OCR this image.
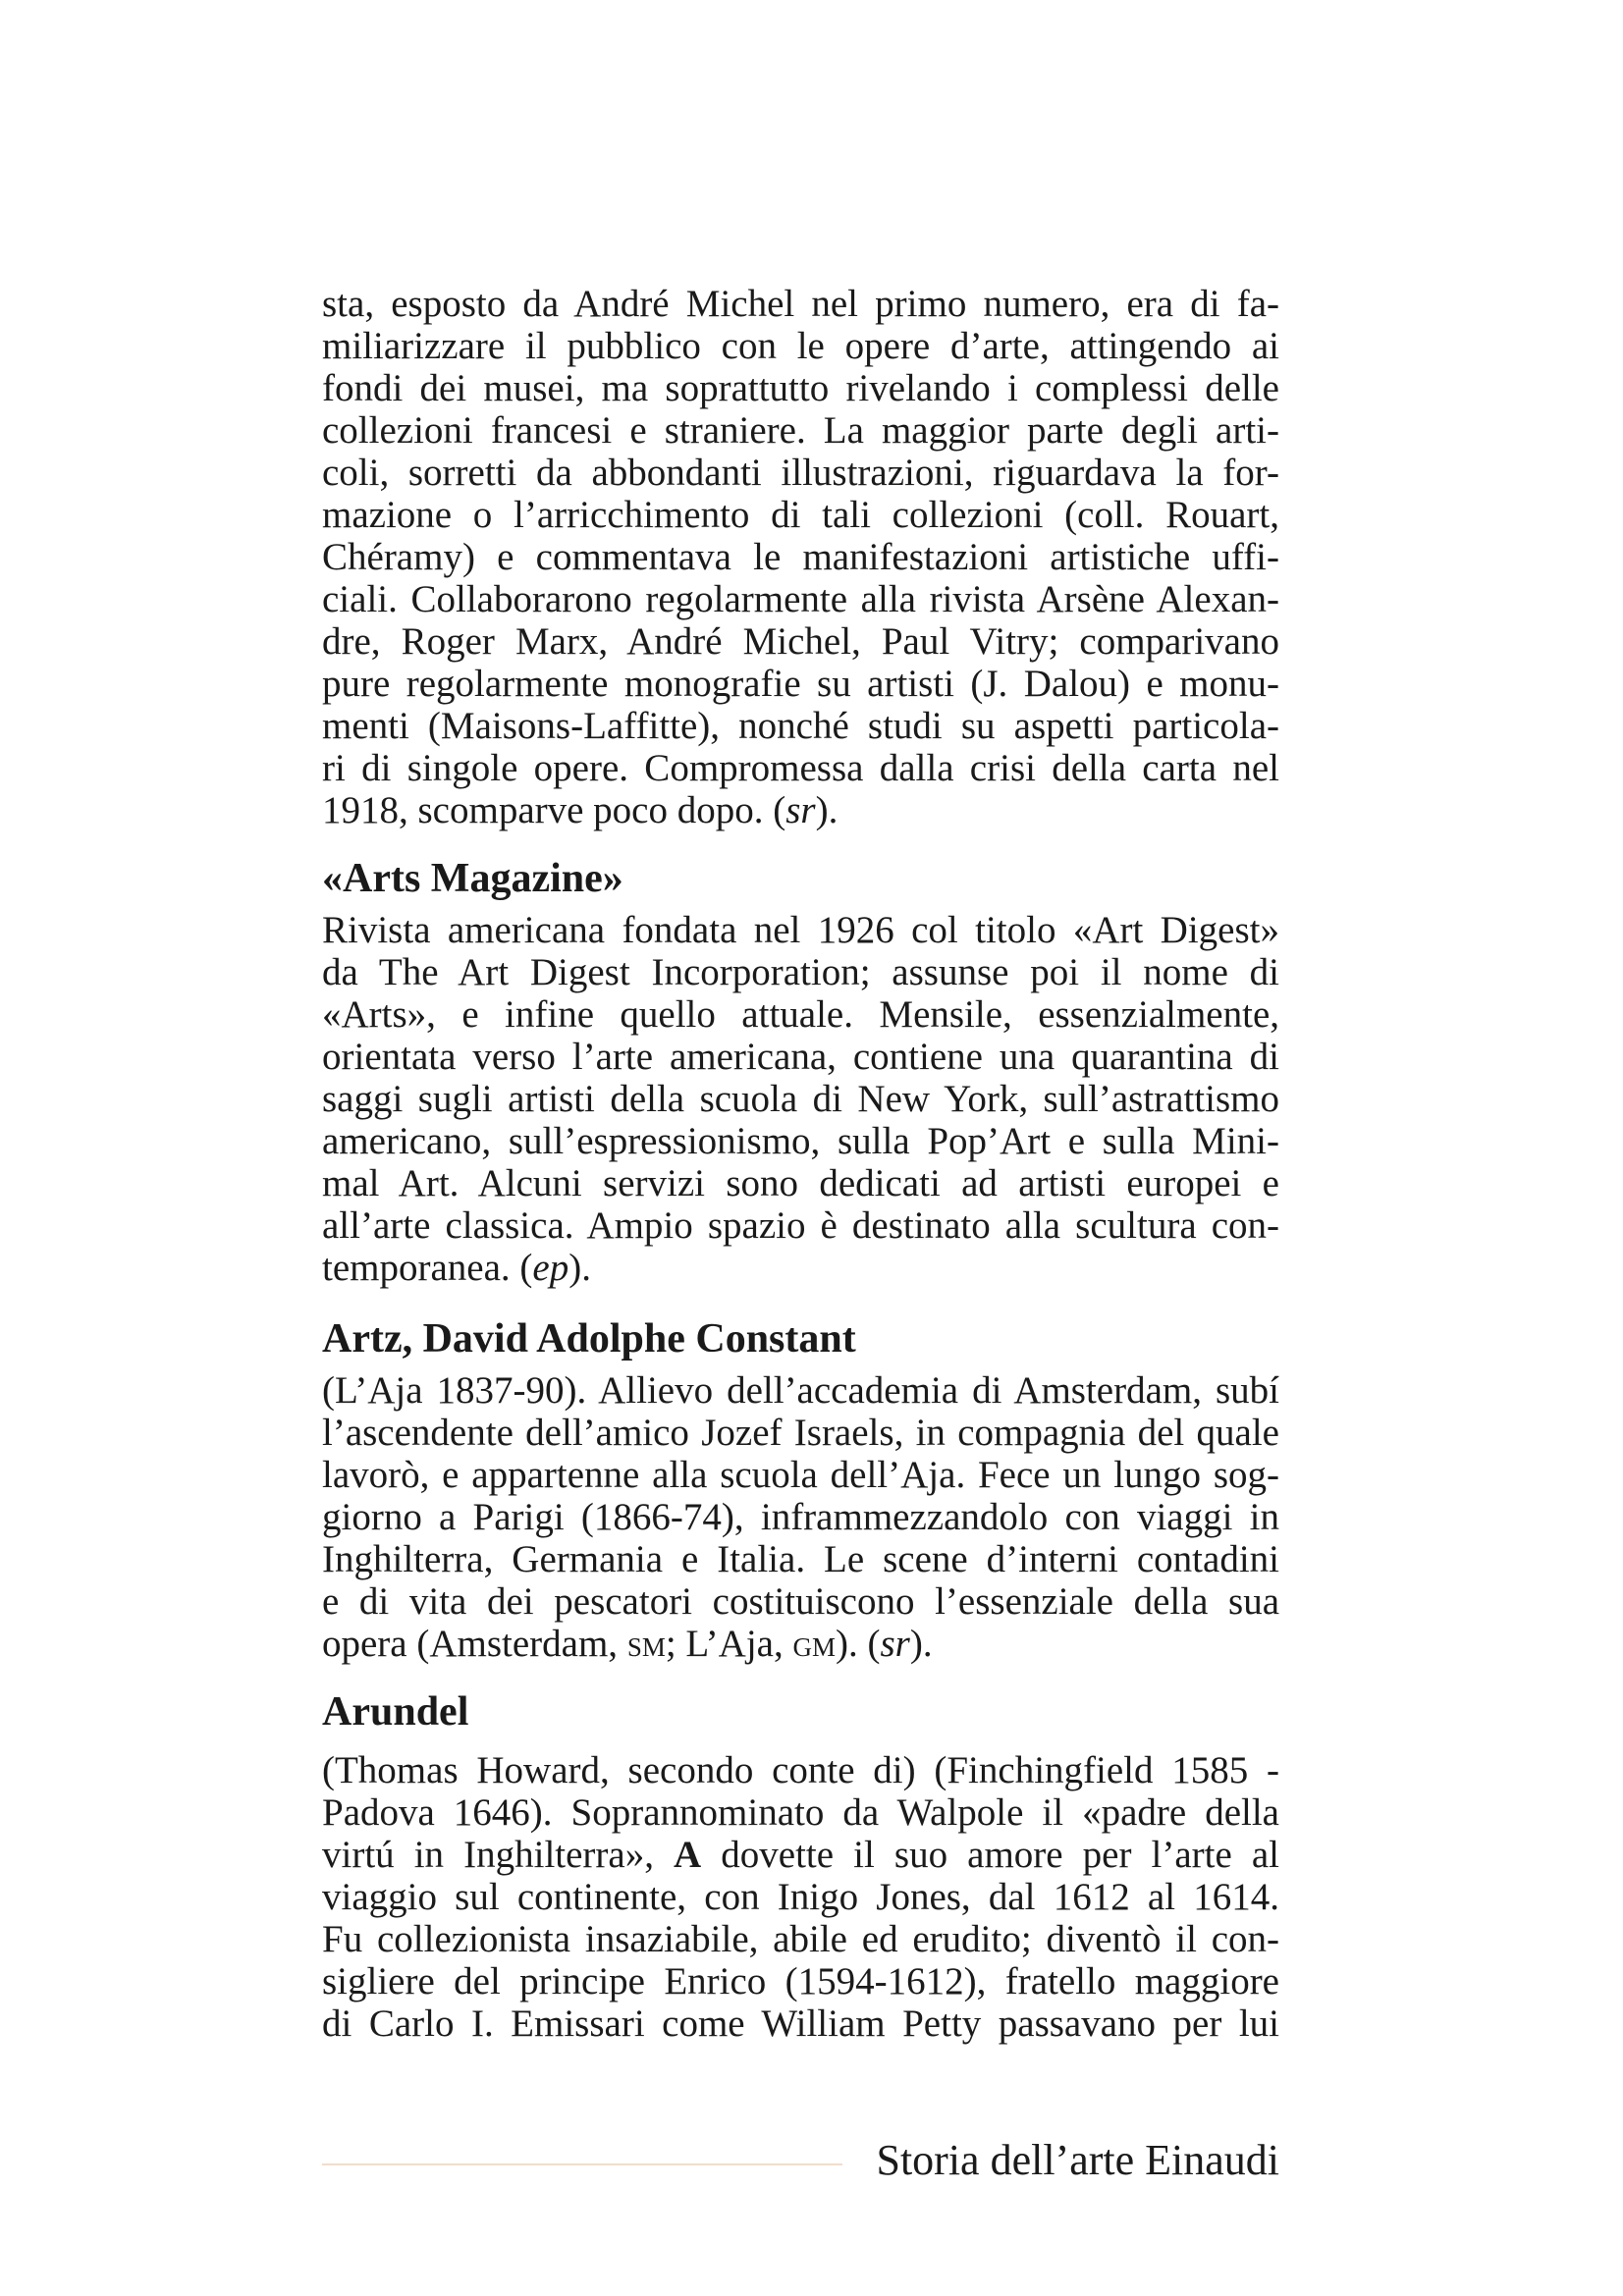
sta, esposto da André Michel nel primo numero, era di fa-
miliarizzare il pubblico con le opere d’arte, attingendo ai
fondi dei musei, ma soprattutto rivelando i complessi delle
collezioni francesi e straniere. La maggior parte degli arti-
coli, sorretti da abbondanti illustrazioni, riguardava la for-
mazione o l’arricchimento di tali collezioni (coll. Rouart,
Chéramy) e commentava le manifestazioni artistiche uffi-
ciali. Collaborarono regolarmente alla rivista Arsène Alexan-
dre, Roger Marx, André Michel, Paul Vitry; comparivano
pure regolarmente monografie su artisti (J. Dalou) e monu-
menti (Maisons-Laffitte), nonché studi su aspetti particola-
ri di singole opere. Compromessa dalla crisi della carta nel
1918, scomparve poco dopo. (sr).
«Arts Magazine»
Rivista americana fondata nel 1926 col titolo «Art Digest»
da The Art Digest Incorporation; assunse poi il nome di
«Arts», e infine quello attuale. Mensile, essenzialmente,
orientata verso l’arte americana, contiene una quarantina di
saggi sugli artisti della scuola di New York, sull’astrattismo
americano, sull’espressionismo, sulla Pop’Art e sulla Mini-
mal Art. Alcuni servizi sono dedicati ad artisti europei e
all’arte classica. Ampio spazio è destinato alla scultura con-
temporanea. (ep).
Artz, David Adolphe Constant
(L’Aja 1837-90). Allievo dell’accademia di Amsterdam, subí
l’ascendente dell’amico Jozef Israels, in compagnia del quale
lavorò, e appartenne alla scuola dell’Aja. Fece un lungo sog-
giorno a Parigi (1866-74), inframmezzandolo con viaggi in
Inghilterra, Germania e Italia. Le scene d’interni contadini
e di vita dei pescatori costituiscono l’essenziale della sua
opera (Amsterdam, sm; L’Aja, gm). (sr).
Arundel
(Thomas Howard, secondo conte di) (Finchingfield 1585 -
Padova 1646). Soprannominato da Walpole il «padre della
virtú in Inghilterra», A dovette il suo amore per l’arte al
viaggio sul continente, con Inigo Jones, dal 1612 al 1614.
Fu collezionista insaziabile, abile ed erudito; diventò il con-
sigliere del principe Enrico (1594-1612), fratello maggiore
di Carlo I. Emissari come William Petty passavano per lui
Storia dell’arte Einaudi
